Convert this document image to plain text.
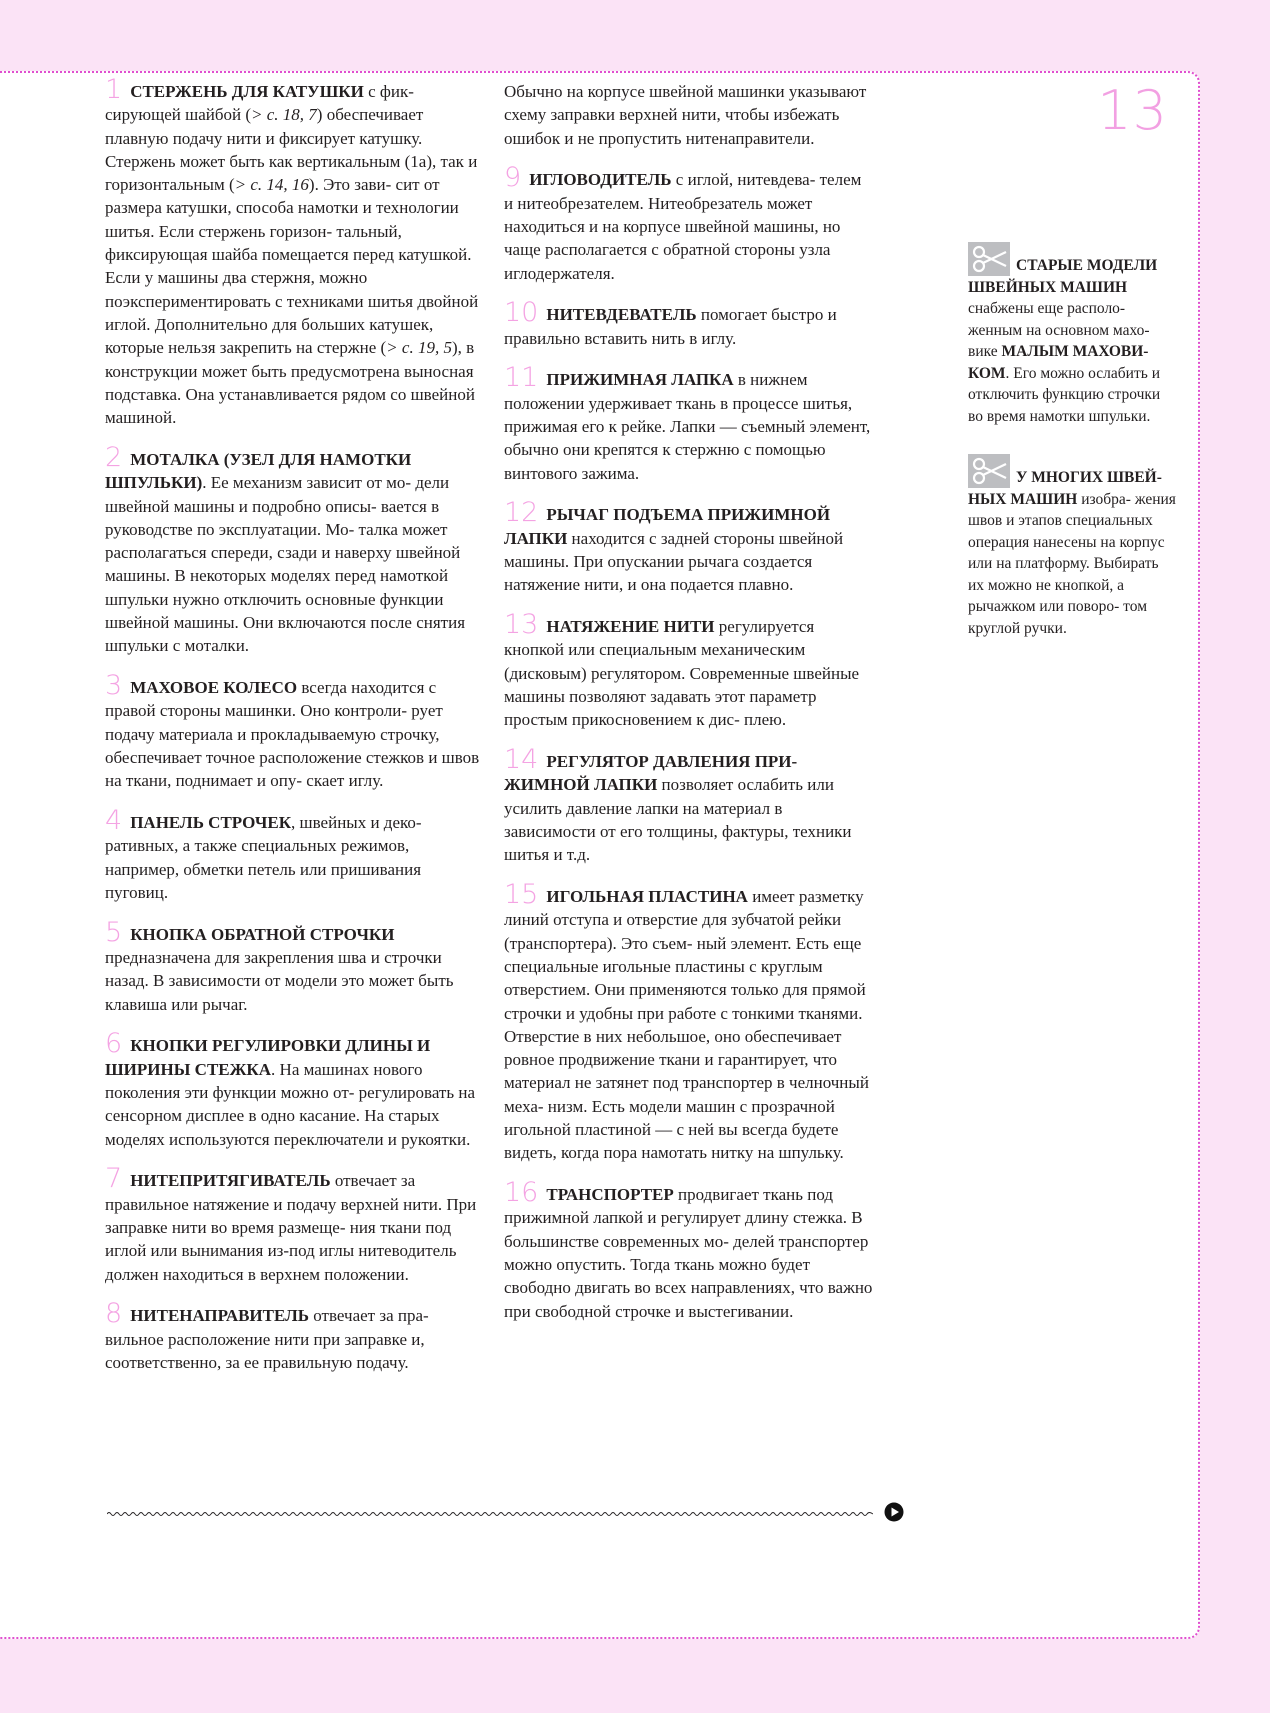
13

1 СТЕРЖЕНЬ ДЛЯ КАТУШКИ с фик- сирующей шайбой (> с. 18, 7) обеспечивает плавную подачу нити и фиксирует катушку. Стержень может быть как вертикальным (1а), так и горизонтальным (> с. 14, 16). Это зави- сит от размера катушки, способа намотки и технологии шитья. Если стержень горизон- тальный, фиксирующая шайба помещается перед катушкой. Если у машины два стержня, можно поэкспериментировать с техниками шитья двойной иглой. Дополнительно для больших катушек, которые нельзя закрепить на стержне (> с. 19, 5), в конструкции может быть предусмотрена выносная подставка. Она устанавливается рядом со швейной машиной.

2 МОТАЛКА (УЗЕЛ ДЛЯ НАМОТКИ ШПУЛЬКИ). Ее механизм зависит от мо- дели швейной машины и подробно описы- вается в руководстве по эксплуатации. Мо- талка может располагаться спереди, сзади и наверху швейной машины. В некоторых моделях перед намоткой шпульки нужно отключить основные функции швейной машины. Они включаются после снятия шпульки с моталки.

3 МАХОВОЕ КОЛЕСО всегда находится с правой стороны машинки. Оно контроли- рует подачу материала и прокладываемую строчку, обеспечивает точное расположение стежков и швов на ткани, поднимает и опу- скает иглу.

4 ПАНЕЛЬ СТРОЧЕК, швейных и деко- ративных, а также специальных режимов, например, обметки петель или пришивания пуговиц.

5 КНОПКА ОБРАТНОЙ СТРОЧКИ предназначена для закрепления шва и строчки назад. В зависимости от модели это может быть клавиша или рычаг.

6 КНОПКИ РЕГУЛИРОВКИ ДЛИНЫ И ШИРИНЫ СТЕЖКА. На машинах нового поколения эти функции можно от- регулировать на сенсорном дисплее в одно касание. На старых моделях используются переключатели и рукоятки.

7 НИТЕПРИТЯГИВАТЕЛЬ отвечает за правильное натяжение и подачу верхней нити. При заправке нити во время размеще- ния ткани под иглой или вынимания из-под иглы нитеводитель должен находиться в верхнем положении.

8 НИТЕНАПРАВИТЕЛЬ отвечает за пра- вильное расположение нити при заправке и, соответственно, за ее правильную подачу.

Обычно на корпусе швейной машинки указывают схему заправки верхней нити, чтобы избежать ошибок и не пропустить нитенаправители.

9 ИГЛОВОДИТЕЛЬ с иглой, нитевдева- телем и нитеобрезателем. Нитеобрезатель может находиться и на корпусе швейной машины, но чаще располагается с обратной стороны узла иглодержателя.

10 НИТЕВДЕВАТЕЛЬ помогает быстро и правильно вставить нить в иглу.

11 ПРИЖИМНАЯ ЛАПКА в нижнем положении удерживает ткань в процессе шитья, прижимая его к рейке. Лапки — съемный элемент, обычно они крепятся к стержню с помощью винтового зажима.

12 РЫЧАГ ПОДЪЕМА ПРИЖИМНОЙ ЛАПКИ находится с задней стороны швейной машины. При опускании рычага создается натяжение нити, и она подается плавно.

13 НАТЯЖЕНИЕ НИТИ регулируется кнопкой или специальным механическим (дисковым) регулятором. Современные швейные машины позволяют задавать этот параметр простым прикосновением к дис- плею.

14 РЕГУЛЯТОР ДАВЛЕНИЯ ПРИ- ЖИМНОЙ ЛАПКИ позволяет ослабить или усилить давление лапки на материал в зависимости от его толщины, фактуры, техники шитья и т.д.

15 ИГОЛЬНАЯ ПЛАСТИНА имеет разметку линий отступа и отверстие для зубчатой рейки (транспортера). Это съем- ный элемент. Есть еще специальные игольные пластины с круглым отверстием. Они применяются только для прямой строчки и удобны при работе с тонкими тканями. Отверстие в них небольшое, оно обеспечивает ровное продвижение ткани и гарантирует, что материал не затянет под транспортер в челночный меха- низм. Есть модели машин с прозрачной игольной пластиной — с ней вы всегда будете видеть, когда пора намотать нитку на шпульку.

16 ТРАНСПОРТЕР продвигает ткань под прижимной лапкой и регулирует длину стежка. В большинстве современных мо- делей транспортер можно опустить. Тогда ткань можно будет свободно двигать во всех направлениях, что важно при свободной строчке и выстегивании.

СТАРЫЕ МОДЕЛИ ШВЕЙНЫХ МАШИН снабжены еще располо- женным на основном махо- вике МАЛЫМ МАХОВИ- КОМ. Его можно ослабить и отключить функцию строчки во время намотки шпульки.

У МНОГИХ ШВЕЙ- НЫХ МАШИН изобра- жения швов и этапов специальных операция нанесены на корпус или на платформу. Выбирать их можно не кнопкой, а рычажком или поворо- том круглой ручки.
